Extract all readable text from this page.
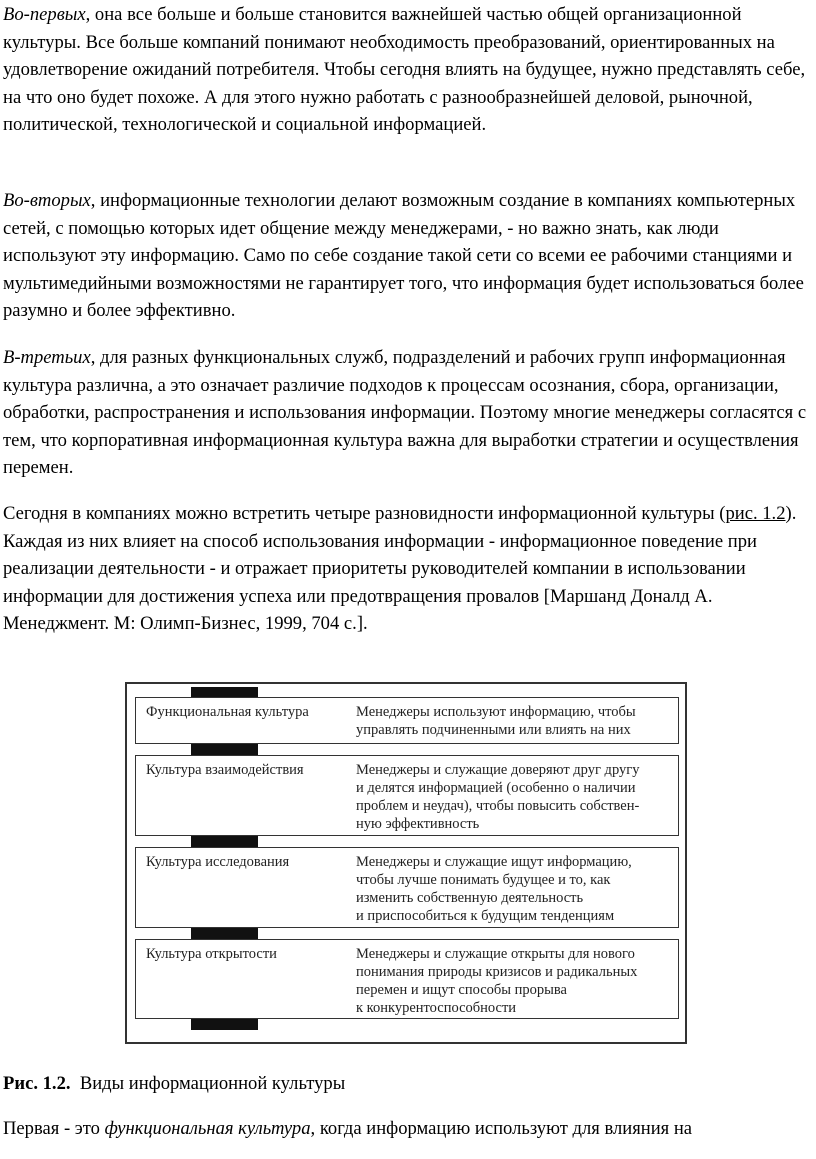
Во-первых, она все больше и больше становится важнейшей частью общей организационной культуры. Все больше компаний понимают необходимость преобразований, ориентированных на удовлетворение ожиданий потребителя. Чтобы сегодня влиять на будущее, нужно представлять себе, на что оно будет похоже. А для этого нужно работать с разнообразнейшей деловой, рыночной, политической, технологической и социальной информацией.

Во-вторых, информационные технологии делают возможным создание в компаниях компьютерных сетей, с помощью которых идет общение между менеджерами, - но важно знать, как люди используют эту информацию. Само по себе создание такой сети со всеми ее рабочими станциями и мультимедийными возможностями не гарантирует того, что информация будет использоваться более разумно и более эффективно.

В-третьих, для разных функциональных служб, подразделений и рабочих групп информационная культура различна, а это означает различие подходов к процессам осознания, сбора, организации, обработки, распространения и использования информации. Поэтому многие менеджеры согласятся с тем, что корпоративная информационная культура важна для выработки стратегии и осуществления перемен.

Сегодня в компаниях можно встретить четыре разновидности информационной культуры (рис. 1.2). Каждая из них влияет на способ использования информации - информационное поведение при реализации деятельности - и отражает приоритеты руководителей компании в использовании информации для достижения успеха или предотвращения провалов [Маршанд Доналд А. Менеджмент. М: Олимп-Бизнес, 1999, 704 с.].

Функциональная культура	Менеджеры используют информацию, чтобы
управлять подчиненными или влиять на них
Культура взаимодействия	Менеджеры и служащие доверяют друг другу
и делятся информацией (особенно о наличии
проблем и неудач), чтобы повысить собствен-
ную эффективность
Культура исследования	Менеджеры и служащие ищут информацию,
чтобы лучше понимать будущее и то, как
изменить собственную деятельность
и приспособиться к будущим тенденциям
Культура открытости	Менеджеры и служащие открыты для нового
понимания природы кризисов и радикальных
перемен и ищут способы прорыва
к конкурентоспособности

Рис. 1.2. Виды информационной культуры

Первая - это функциональная культура, когда информацию используют для влияния на
